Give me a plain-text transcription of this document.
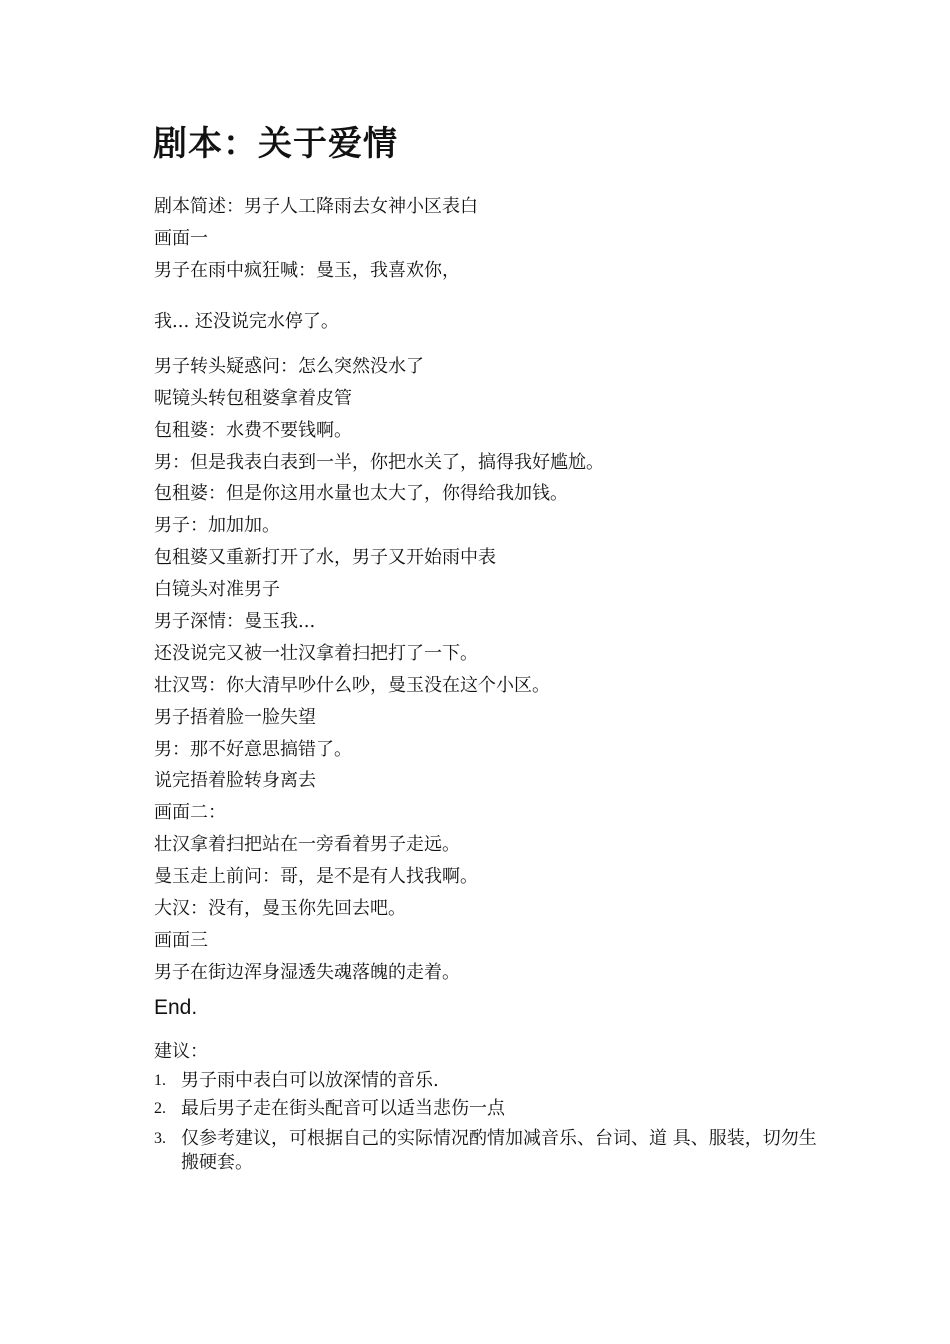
剧本：关于爱情

剧本简述：男子人工降雨去女神小区表白

画面一

男子在雨中疯狂喊：曼玉，我喜欢你，

我... 还没说完水停了。

男子转头疑惑问：怎么突然没水了

呢镜头转包租婆拿着皮管

包租婆：水费不要钱啊。

男：但是我表白表到一半，你把水关了，搞得我好尴尬。

包租婆：但是你这用水量也太大了，你得给我加钱。

男子：加加加。

包租婆又重新打开了水，男子又开始雨中表

白镜头对准男子

男子深情：曼玉我...

还没说完又被一壮汉拿着扫把打了一下。

壮汉骂：你大清早吵什么吵，曼玉没在这个小区。

男子捂着脸一脸失望

男：那不好意思搞错了。

说完捂着脸转身离去

画面二：

壮汉拿着扫把站在一旁看着男子走远。

曼玉走上前问：哥，是不是有人找我啊。

大汉：没有，曼玉你先回去吧。

画面三

男子在街边浑身湿透失魂落魄的走着。

End.

建议：

1. 男子雨中表白可以放深情的音乐.
2. 最后男子走在街头配音可以适当悲伤一点
3. 仅参考建议，可根据自己的实际情况酌情加减音乐、台词、道 具、服装，切勿生搬硬套。
